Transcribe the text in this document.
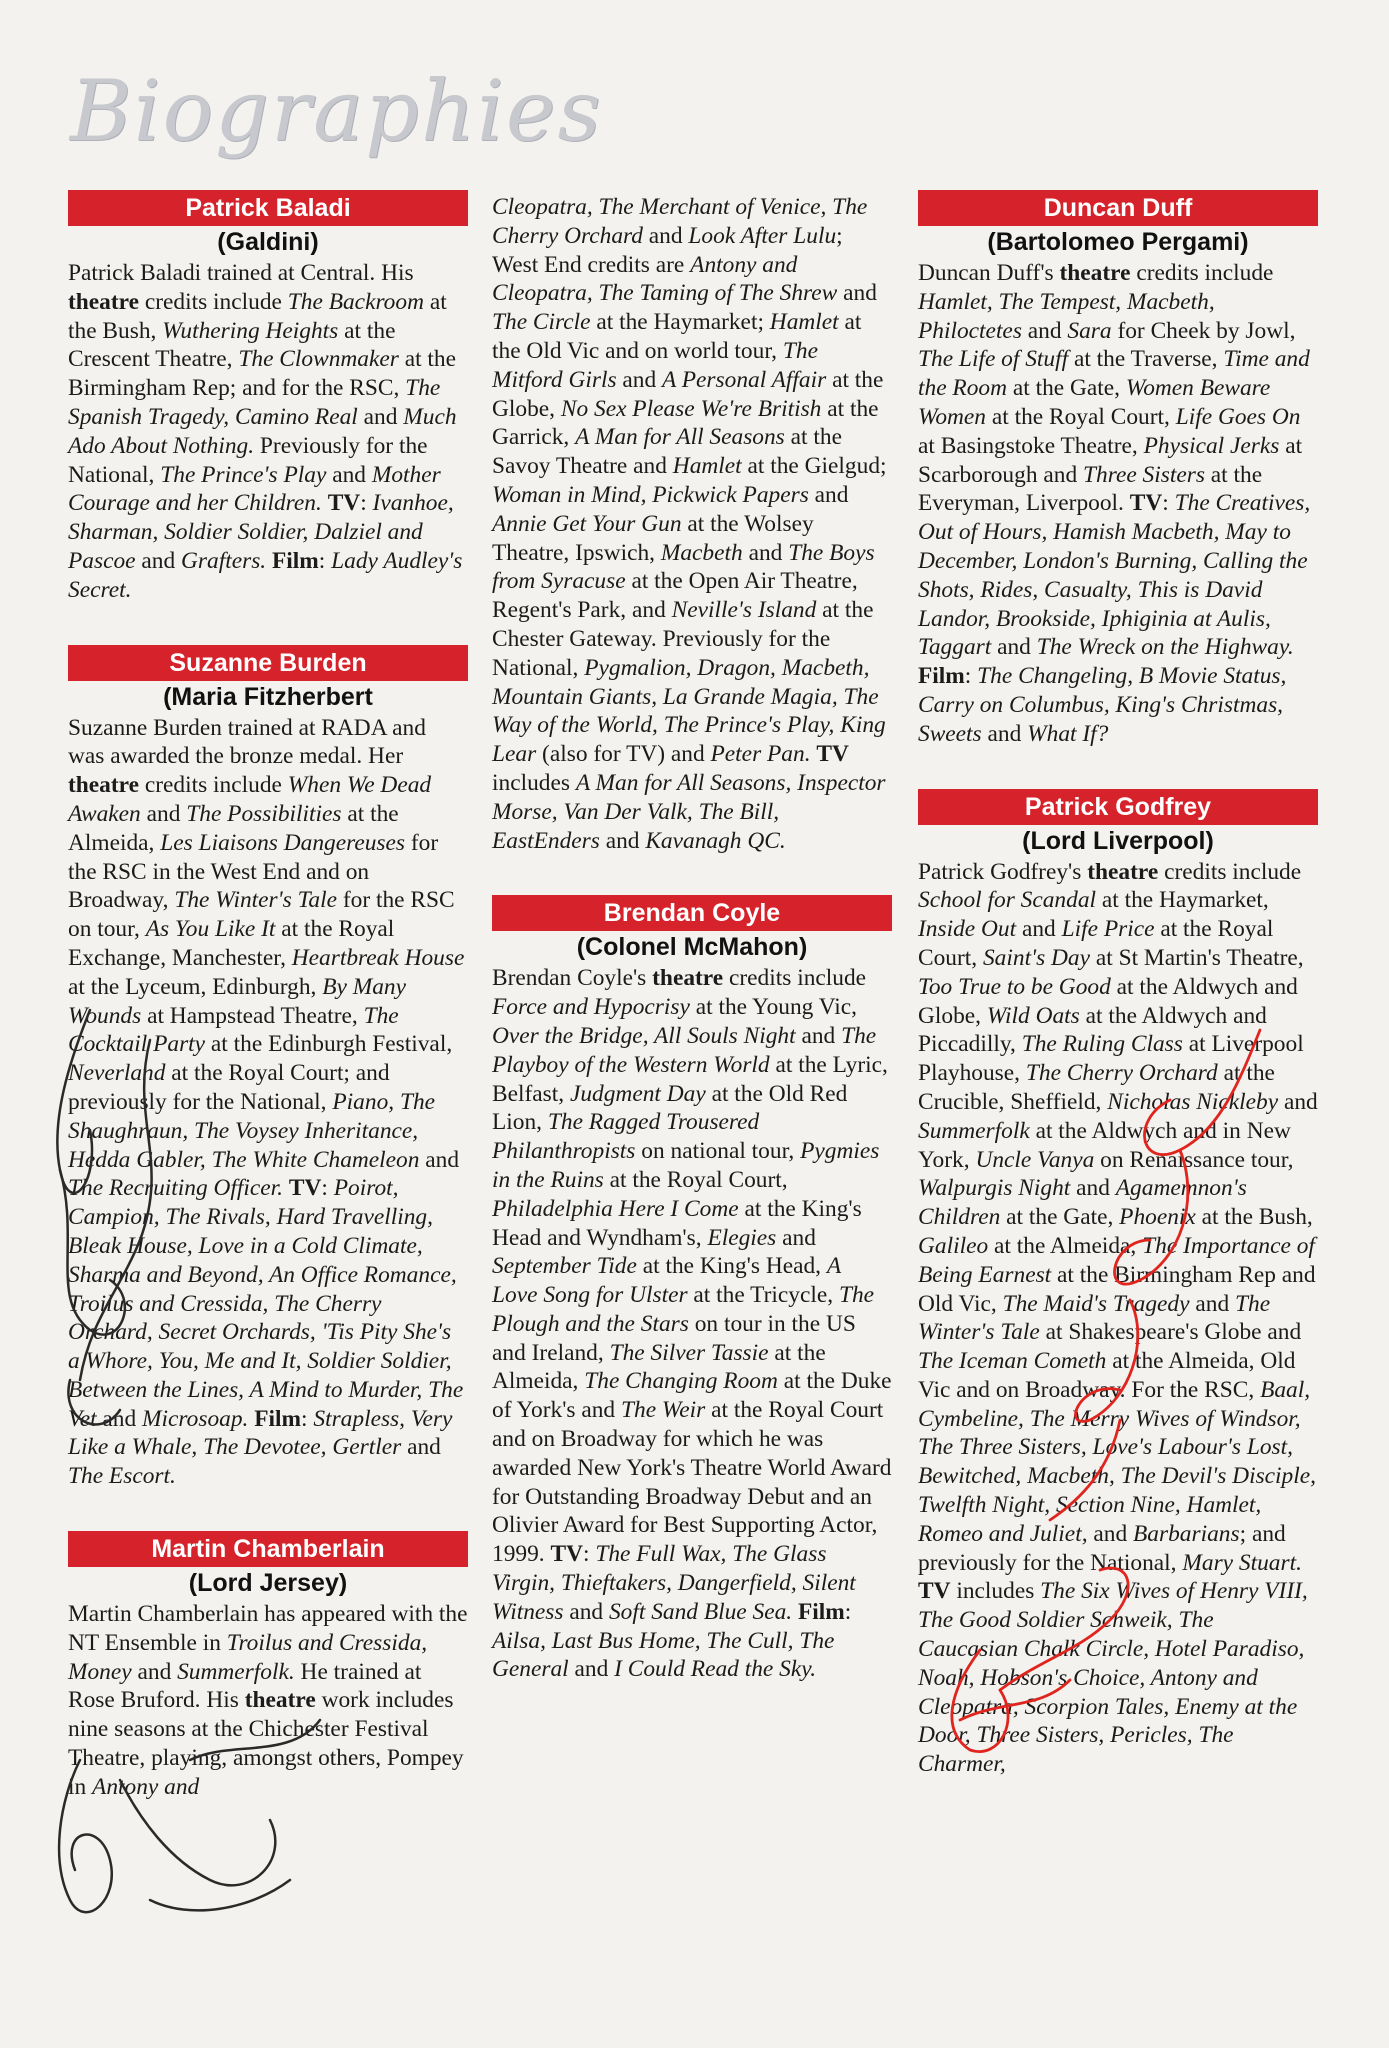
Biographies
Patrick Baladi
(Galdini)

Patrick Baladi trained at Central. His theatre credits include The Backroom at the Bush, Wuthering Heights at the Crescent Theatre, The Clownmaker at the Birmingham Rep; and for the RSC, The Spanish Tragedy, Camino Real and Much Ado About Nothing. Previously for the National, The Prince's Play and Mother Courage and her Children. TV: Ivanhoe, Sharman, Soldier Soldier, Dalziel and Pascoe and Grafters. Film: Lady Audley's Secret.

Suzanne Burden
(Maria Fitzherbert

Suzanne Burden trained at RADA and was awarded the bronze medal. Her theatre credits include When We Dead Awaken and The Possibilities at the Almeida, Les Liaisons Dangereuses for the RSC in the West End and on Broadway, The Winter's Tale for the RSC on tour, As You Like It at the Royal Exchange, Manchester, Heartbreak House at the Lyceum, Edinburgh, By Many Wounds at Hampstead Theatre, The Cocktail Party at the Edinburgh Festival, Neverland at the Royal Court; and previously for the National, Piano, The Shaughraun, The Voysey Inheritance, Hedda Gabler, The White Chameleon and The Recruiting Officer. TV: Poirot, Campion, The Rivals, Hard Travelling, Bleak House, Love in a Cold Climate, Sharma and Beyond, An Office Romance, Troilus and Cressida, The Cherry Orchard, Secret Orchards, 'Tis Pity She's a Whore, You, Me and It, Soldier Soldier, Between the Lines, A Mind to Murder, The Vet and Microsoap. Film: Strapless, Very Like a Whale, The Devotee, Gertler and The Escort.

Martin Chamberlain
(Lord Jersey)

Martin Chamberlain has appeared with the NT Ensemble in Troilus and Cressida, Money and Summerfolk. He trained at Rose Bruford. His theatre work includes nine seasons at the Chichester Festival Theatre, playing, amongst others, Pompey in Antony and

Cleopatra, The Merchant of Venice, The Cherry Orchard and Look After Lulu; West End credits are Antony and Cleopatra, The Taming of The Shrew and The Circle at the Haymarket; Hamlet at the Old Vic and on world tour, The Mitford Girls and A Personal Affair at the Globe, No Sex Please We're British at the Garrick, A Man for All Seasons at the Savoy Theatre and Hamlet at the Gielgud; Woman in Mind, Pickwick Papers and Annie Get Your Gun at the Wolsey Theatre, Ipswich, Macbeth and The Boys from Syracuse at the Open Air Theatre, Regent's Park, and Neville's Island at the Chester Gateway. Previously for the National, Pygmalion, Dragon, Macbeth, Mountain Giants, La Grande Magia, The Way of the World, The Prince's Play, King Lear (also for TV) and Peter Pan. TV includes A Man for All Seasons, Inspector Morse, Van Der Valk, The Bill, EastEnders and Kavanagh QC.

Brendan Coyle
(Colonel McMahon)

Brendan Coyle's theatre credits include Force and Hypocrisy at the Young Vic, Over the Bridge, All Souls Night and The Playboy of the Western World at the Lyric, Belfast, Judgment Day at the Old Red Lion, The Ragged Trousered Philanthropists on national tour, Pygmies in the Ruins at the Royal Court, Philadelphia Here I Come at the King's Head and Wyndham's, Elegies and September Tide at the King's Head, A Love Song for Ulster at the Tricycle, The Plough and the Stars on tour in the US and Ireland, The Silver Tassie at the Almeida, The Changing Room at the Duke of York's and The Weir at the Royal Court and on Broadway for which he was awarded New York's Theatre World Award for Outstanding Broadway Debut and an Olivier Award for Best Supporting Actor, 1999. TV: The Full Wax, The Glass Virgin, Thieftakers, Dangerfield, Silent Witness and Soft Sand Blue Sea. Film: Ailsa, Last Bus Home, The Cull, The General and I Could Read the Sky.

Duncan Duff
(Bartolomeo Pergami)

Duncan Duff's theatre credits include Hamlet, The Tempest, Macbeth, Philoctetes and Sara for Cheek by Jowl, The Life of Stuff at the Traverse, Time and the Room at the Gate, Women Beware Women at the Royal Court, Life Goes On at Basingstoke Theatre, Physical Jerks at Scarborough and Three Sisters at the Everyman, Liverpool. TV: The Creatives, Out of Hours, Hamish Macbeth, May to December, London's Burning, Calling the Shots, Rides, Casualty, This is David Landor, Brookside, Iphiginia at Aulis, Taggart and The Wreck on the Highway. Film: The Changeling, B Movie Status, Carry on Columbus, King's Christmas, Sweets and What If?

Patrick Godfrey
(Lord Liverpool)

Patrick Godfrey's theatre credits include School for Scandal at the Haymarket, Inside Out and Life Price at the Royal Court, Saint's Day at St Martin's Theatre, Too True to be Good at the Aldwych and Globe, Wild Oats at the Aldwych and Piccadilly, The Ruling Class at Liverpool Playhouse, The Cherry Orchard at the Crucible, Sheffield, Nicholas Nickleby and Summerfolk at the Aldwych and in New York, Uncle Vanya on Renaissance tour, Walpurgis Night and Agamemnon's Children at the Gate, Phoenix at the Bush, Galileo at the Almeida, The Importance of Being Earnest at the Birmingham Rep and Old Vic, The Maid's Tragedy and The Winter's Tale at Shakespeare's Globe and The Iceman Cometh at the Almeida, Old Vic and on Broadway. For the RSC, Baal, Cymbeline, The Merry Wives of Windsor, The Three Sisters, Love's Labour's Lost, Bewitched, Macbeth, The Devil's Disciple, Twelfth Night, Section Nine, Hamlet, Romeo and Juliet, and Barbarians; and previously for the National, Mary Stuart. TV includes The Six Wives of Henry VIII, The Good Soldier Schweik, The Caucasian Chalk Circle, Hotel Paradiso, Noah, Hobson's Choice, Antony and Cleopatra, Scorpion Tales, Enemy at the Door, Three Sisters, Pericles, The Charmer,
